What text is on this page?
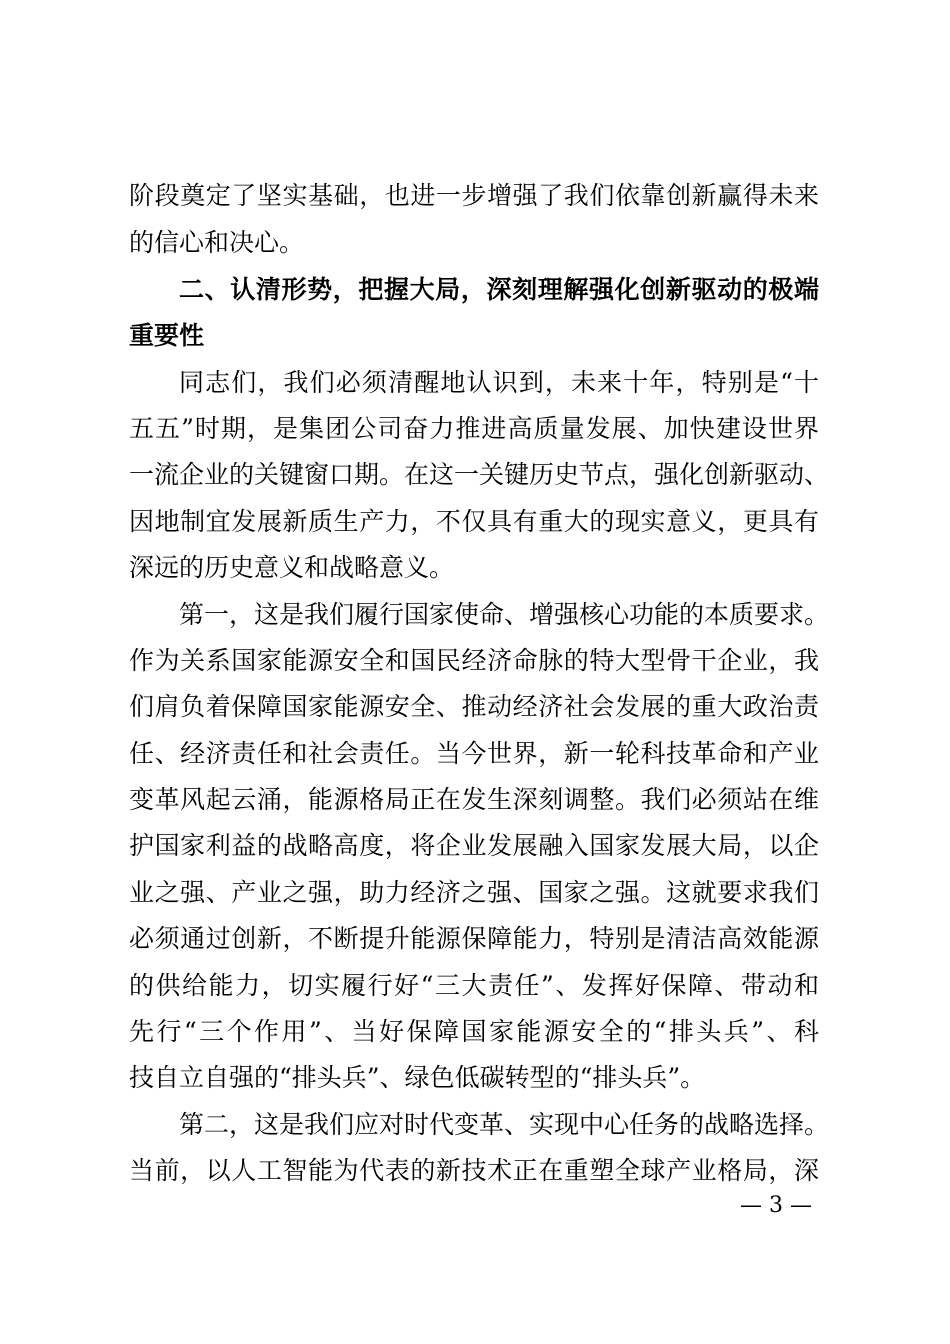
阶段奠定了坚实基础，也进一步增强了我们依靠创新赢得未来
的信心和决心。
二、认清形势，把握大局，深刻理解强化创新驱动的极端
重要性
同志们，我们必须清醒地认识到，未来十年，特别是“十
五五”时期，是集团公司奋力推进高质量发展、加快建设世界
一流企业的关键窗口期。在这一关键历史节点，强化创新驱动、
因地制宜发展新质生产力，不仅具有重大的现实意义，更具有
深远的历史意义和战略意义。
第一，这是我们履行国家使命、增强核心功能的本质要求。
作为关系国家能源安全和国民经济命脉的特大型骨干企业，我
们肩负着保障国家能源安全、推动经济社会发展的重大政治责
任、经济责任和社会责任。当今世界，新一轮科技革命和产业
变革风起云涌，能源格局正在发生深刻调整。我们必须站在维
护国家利益的战略高度，将企业发展融入国家发展大局，以企
业之强、产业之强，助力经济之强、国家之强。这就要求我们
必须通过创新，不断提升能源保障能力，特别是清洁高效能源
的供给能力，切实履行好“三大责任”、发挥好保障、带动和
先行“三个作用”、当好保障国家能源安全的“排头兵”、科
技自立自强的“排头兵”、绿色低碳转型的“排头兵”。
第二，这是我们应对时代变革、实现中心任务的战略选择。
当前，以人工智能为代表的新技术正在重塑全球产业格局，深
— 3 —
